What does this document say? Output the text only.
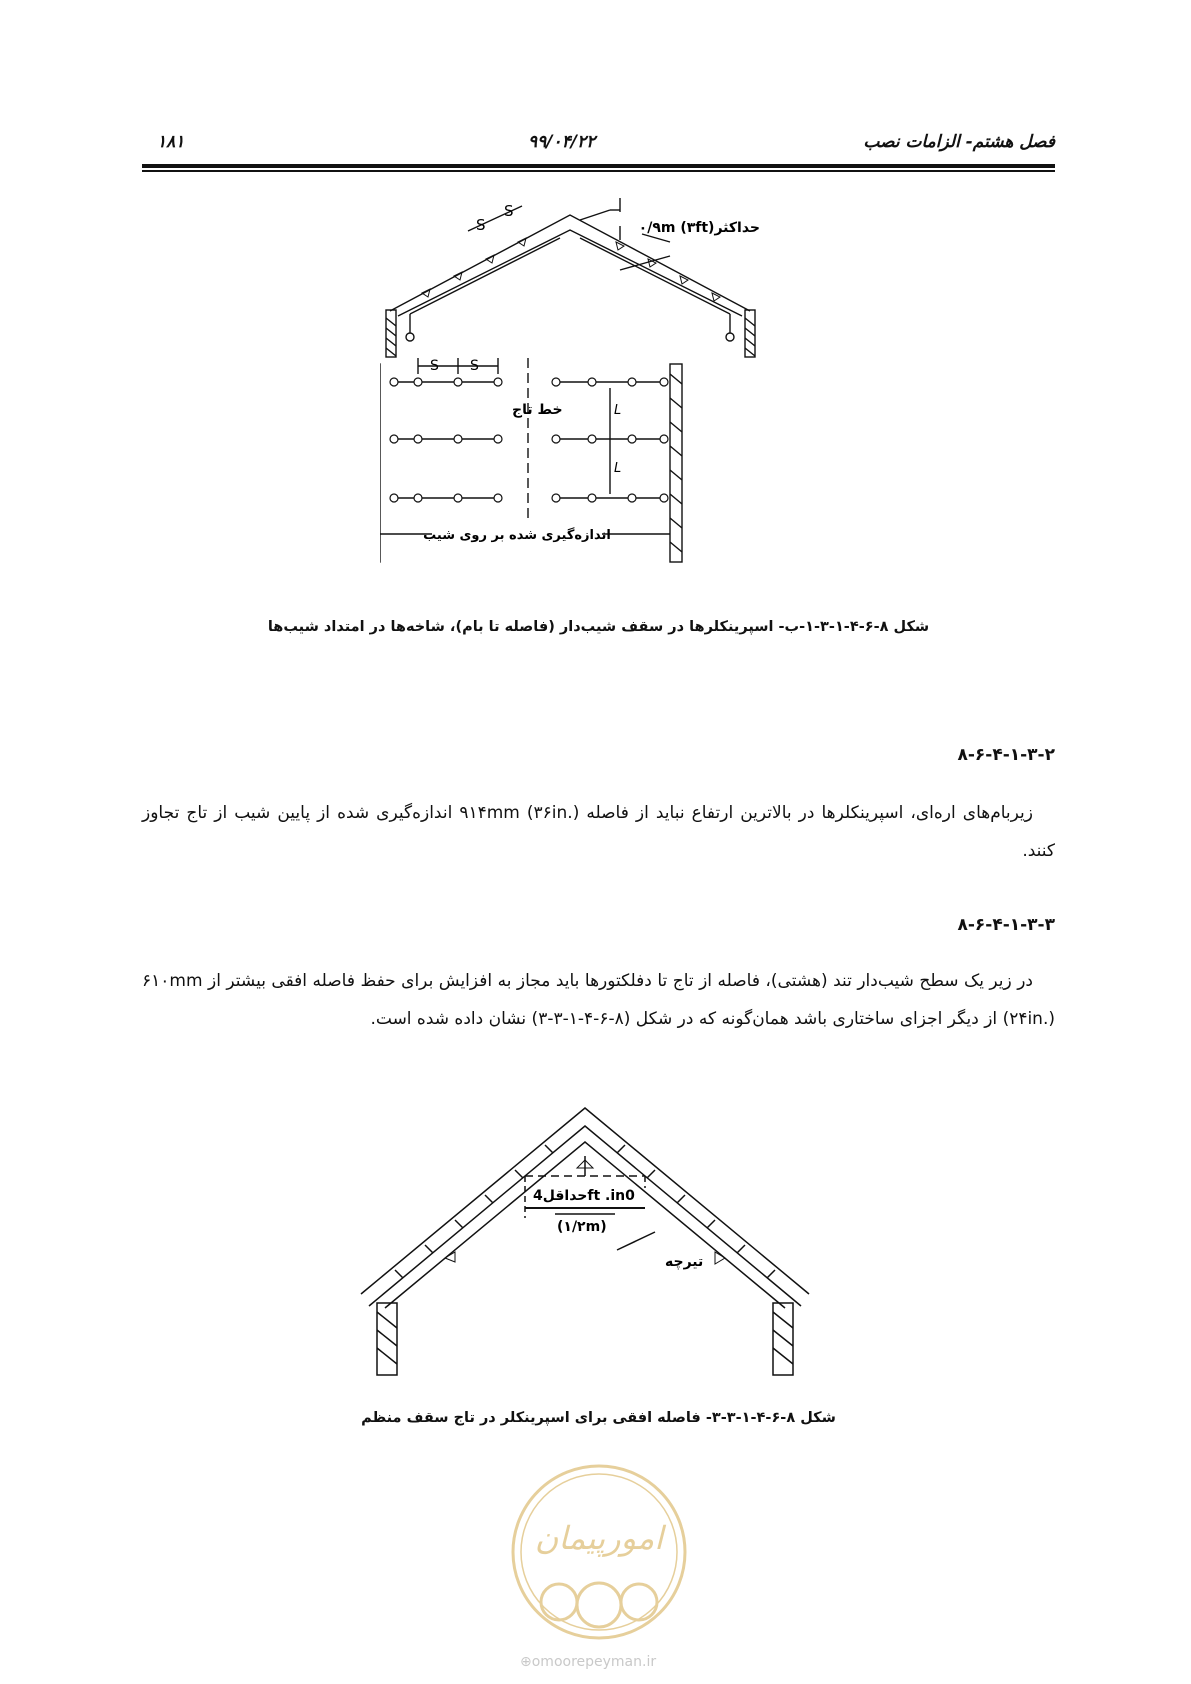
۱۸۱	۹۹/۰۴/۲۲	فصل هشتم- الزامات نصب
S
S
حداکثر۰/۹m (۳ft)
S S
خط تاج	L
L
اندازه‌گیری شده بر روی شیب
شکل ۸-۶-۴-۱-۳-۱-ب- اسپرینکلرها در سقف شیب‌دار (فاصله تا بام)، شاخه‌ها در امتداد شیب‌ها
۸-۶-۴-۱-۳-۲
زیربام‌های اره‌ای، اسپرینکلرها در بالاترین ارتفاع نباید از فاصله ۹۱۴mm (۳۶in.) اندازه‌گیری شده از پایین شیب از تاج تجاوز کنند.
۸-۶-۴-۱-۳-۳
در زیر یک سطح شیب‌دار تند (هشتی)، فاصله از تاج تا دفلکتورها باید مجاز به افزایش برای حفظ فاصله افقی بیشتر از ۶۱۰mm (۲۴in.) از دیگر اجزای ساختاری باشد همان‌گونه که در شکل (۸-۶-۴-۱-۳-۳) نشان داده شده است.
حداقل4ft .in0
(۱/۲m)
تیرچه
شکل ۸-۶-۴-۱-۳-۳- فاصله افقی برای اسپرینکلر در تاج سقف منظم
امورپیمان
⊕omoorepeyman.ir
